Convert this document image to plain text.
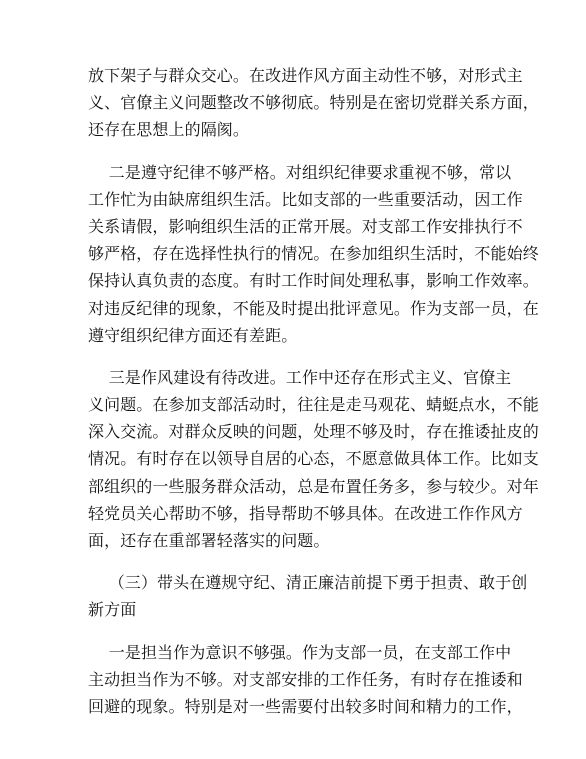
放下架子与群众交心。在改进作风方面主动性不够，对形式主
义、官僚主义问题整改不够彻底。特别是在密切党群关系方面，
还存在思想上的隔阂。
二是遵守纪律不够严格。对组织纪律要求重视不够，常以
工作忙为由缺席组织生活。比如支部的一些重要活动，因工作
关系请假，影响组织生活的正常开展。对支部工作安排执行不
够严格，存在选择性执行的情况。在参加组织生活时，不能始终
保持认真负责的态度。有时工作时间处理私事，影响工作效率。
对违反纪律的现象，不能及时提出批评意见。作为支部一员，在
遵守组织纪律方面还有差距。
三是作风建设有待改进。工作中还存在形式主义、官僚主
义问题。在参加支部活动时，往往是走马观花、蜻蜓点水，不能
深入交流。对群众反映的问题，处理不够及时，存在推诿扯皮的
情况。有时存在以领导自居的心态，不愿意做具体工作。比如支
部组织的一些服务群众活动，总是布置任务多，参与较少。对年
轻党员关心帮助不够，指导帮助不够具体。在改进工作作风方
面，还存在重部署轻落实的问题。
（三）带头在遵规守纪、清正廉洁前提下勇于担责、敢于创
新方面
一是担当作为意识不够强。作为支部一员，在支部工作中
主动担当作为不够。对支部安排的工作任务，有时存在推诿和
回避的现象。特别是对一些需要付出较多时间和精力的工作，
